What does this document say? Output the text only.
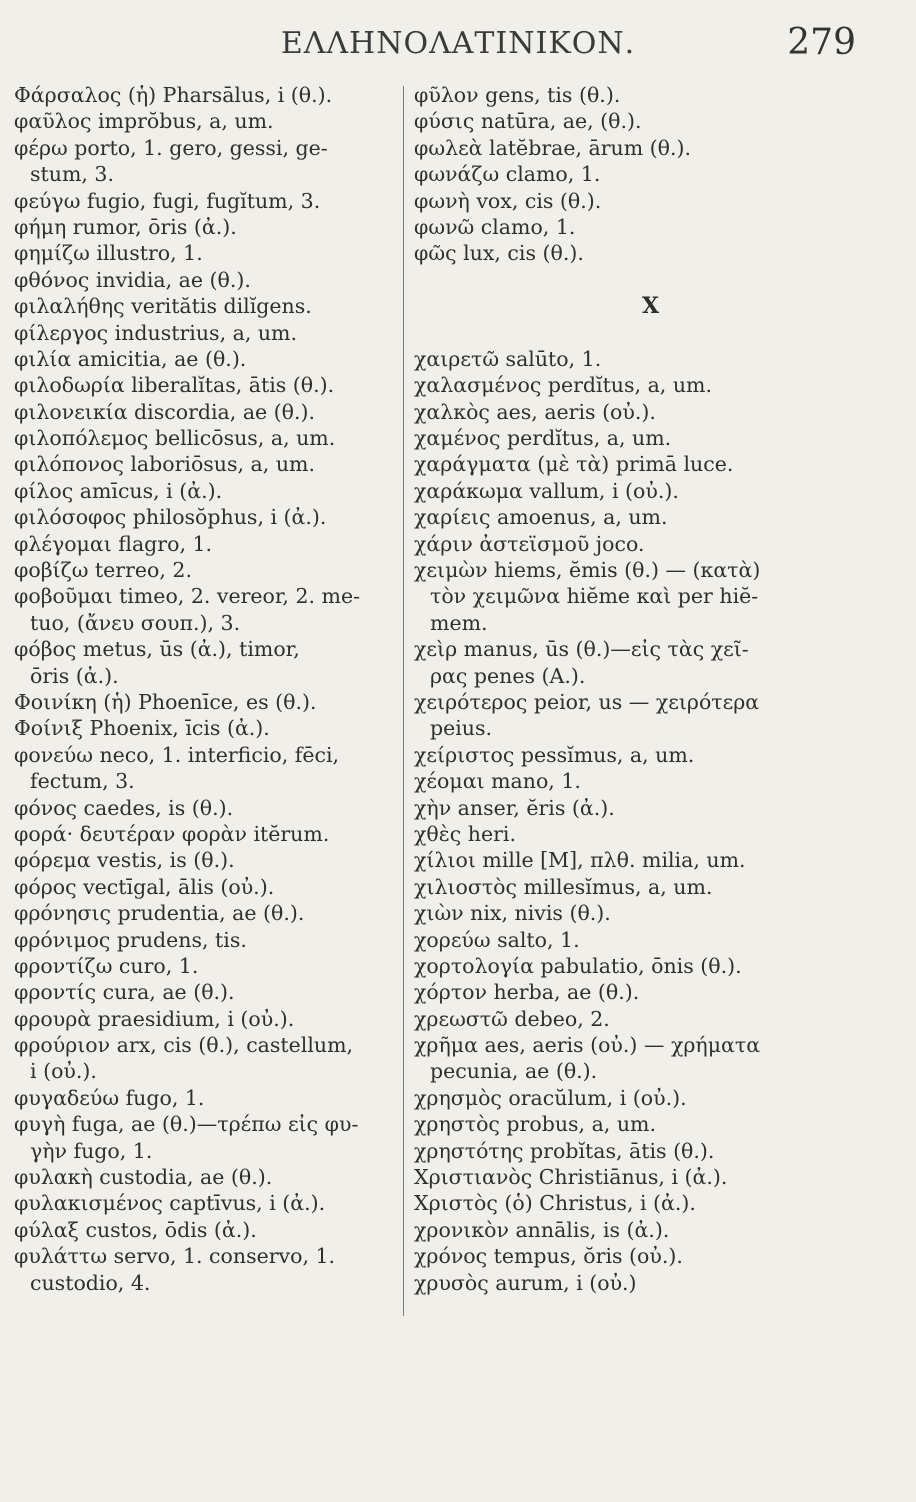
ΕΛΛΗΝΟΛΑΤΙΝΙΚΟΝ.	279
Φάρσαλος (ἡ) Pharsālus, i (θ.).
φαῦλος imprŏbus, a, um.
φέρω porto, 1. gero, gessi, ge-
stum, 3.
φεύγω fugio, fugi, fugĭtum, 3.
φήμη rumor, ōris (ἀ.).
φημίζω illustro, 1.
φθόνος invidia, ae (θ.).
φιλαλήθης veritătis dilĭgens.
φίλεργος industrius, a, um.
φιλία amicitia, ae (θ.).
φιλοδωρία liberalĭtas, ātis (θ.).
φιλονεικία discordia, ae (θ.).
φιλοπόλεμος bellicōsus, a, um.
φιλόπονος laboriōsus, a, um.
φίλος amīcus, i (ἀ.).
φιλόσοφος philosŏphus, i (ἀ.).
φλέγομαι flagro, 1.
φοβίζω terreo, 2.
φοβοῦμαι timeo, 2. vereor, 2. me-
tuo, (ἄνευ σουπ.), 3.
φόβος metus, ūs (ἀ.), timor,
ōris (ἀ.).
Φοινίκη (ἡ) Phoenīce, es (θ.).
Φοίνιξ Phoenix, īcis (ἀ.).
φονεύω neco, 1. interficio, fēci,
fectum, 3.
φόνος caedes, is (θ.).
φορά· δευτέραν φορὰν itĕrum.
φόρεμα vestis, is (θ.).
φόρος vectīgal, ālis (οὐ.).
φρόνησις prudentia, ae (θ.).
φρόνιμος prudens, tis.
φροντίζω curo, 1.
φροντίς cura, ae (θ.).
φρουρὰ praesidium, i (οὐ.).
φρούριον arx, cis (θ.), castellum,
i (οὐ.).
φυγαδεύω fugo, 1.
φυγὴ fuga, ae (θ.)—τρέπω εἰς φυ-
γὴν fugo, 1.
φυλακὴ custodia, ae (θ.).
φυλακισμένος captīvus, i (ἀ.).
φύλαξ custos, ōdis (ἀ.).
φυλάττω servo, 1. conservo, 1.
custodio, 4.
φῦλον gens, tis (θ.).
φύσις natūra, ae, (θ.).
φωλεὰ latĕbrae, ārum (θ.).
φωνάζω clamo, 1.
φωνὴ vox, cis (θ.).
φωνῶ clamo, 1.
φῶς lux, cis (θ.).
X
χαιρετῶ salūto, 1.
χαλασμένος perdĭtus, a, um.
χαλκὸς aes, aeris (οὐ.).
χαμένος perdĭtus, a, um.
χαράγματα (μὲ τὰ) primā luce.
χαράκωμα vallum, i (οὐ.).
χαρίεις amoenus, a, um.
χάριν ἀστεϊσμοῦ joco.
χειμὼν hiems, ĕmis (θ.) — (κατὰ)
τὸν χειμῶνα hiĕme καὶ per hiĕ-
mem.
χεὶρ manus, ūs (θ.)—εἰς τὰς χεῖ-
ρας penes (Α.).
χειρότερος peior, us — χειρότερα
peius.
χείριστος pessĭmus, a, um.
χέομαι mano, 1.
χὴν anser, ĕris (ἀ.).
χθὲς heri.
χίλιοι mille [M], πλθ. milia, um.
χιλιοστὸς millesĭmus, a, um.
χιὼν nix, nivis (θ.).
χορεύω salto, 1.
χορτολογία pabulatio, ōnis (θ.).
χόρτον herba, ae (θ.).
χρεωστῶ debeo, 2.
χρῆμα aes, aeris (οὐ.) — χρήματα
pecunia, ae (θ.).
χρησμὸς oracŭlum, i (οὐ.).
χρηστὸς probus, a, um.
χρηστότης probĭtas, ātis (θ.).
Χριστιανὸς Christiānus, i (ἀ.).
Χριστὸς (ὁ) Christus, i (ἀ.).
χρονικὸν annālis, is (ἀ.).
χρόνος tempus, ŏris (οὐ.).
χρυσὸς aurum, i (οὐ.)
